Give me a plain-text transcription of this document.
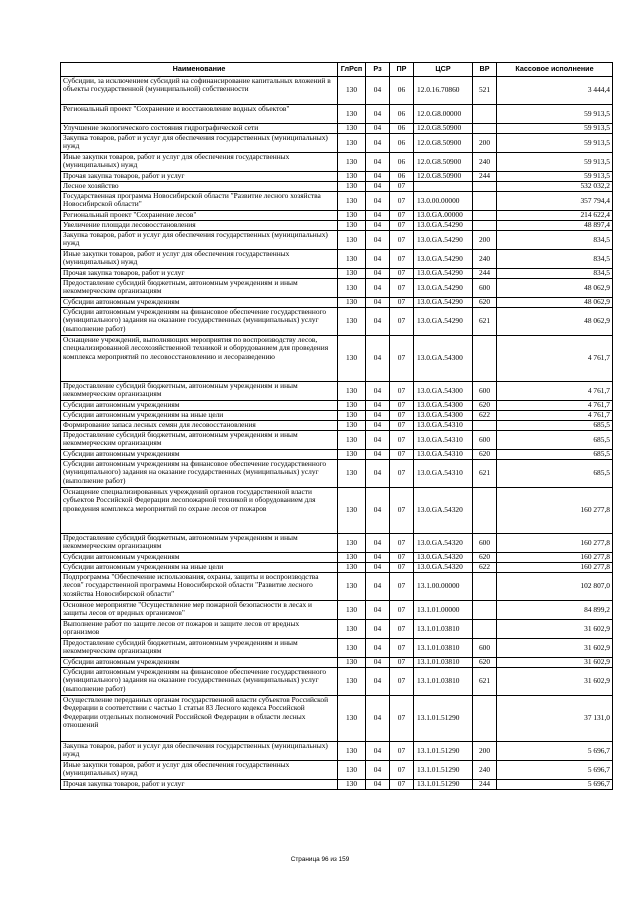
Наименование	ГлРсп	Рз	ПР	ЦСР	ВР	Кассовое исполнение
Субсидии, за исключением субсидий на софинансирование капитальных вложений в объекты государственной (муниципальной) собственности	130	04	06	12.0.16.70860	521	3 444,4
Региональный проект "Сохранение и восстановление водных объектов"	130	04	06	12.0.G8.00000		59 913,5
Улучшение экологического состояния гидрографической сети	130	04	06	12.0.G8.50900		59 913,5
Закупка товаров, работ и услуг для обеспечения государственных (муниципальных) нужд	130	04	06	12.0.G8.50900	200	59 913,5
Иные закупки товаров, работ и услуг для обеспечения государственных (муниципальных) нужд	130	04	06	12.0.G8.50900	240	59 913,5
Прочая закупка товаров, работ и услуг	130	04	06	12.0.G8.50900	244	59 913,5
Лесное хозяйство	130	04	07			532 032,2
Государственная программа Новосибирской области "Развитие лесного хозяйства Новосибирской области"	130	04	07	13.0.00.00000		357 794,4
Региональный проект "Сохранение лесов"	130	04	07	13.0.GA.00000		214 622,4
Увеличение площади лесовосстановления	130	04	07	13.0.GA.54290		48 897,4
Закупка товаров, работ и услуг для обеспечения государственных (муниципальных) нужд	130	04	07	13.0.GA.54290	200	834,5
Иные закупки товаров, работ и услуг для обеспечения государственных (муниципальных) нужд	130	04	07	13.0.GA.54290	240	834,5
Прочая закупка товаров, работ и услуг	130	04	07	13.0.GA.54290	244	834,5
Предоставление субсидий бюджетным, автономным учреждениям и иным некоммерческим организациям	130	04	07	13.0.GA.54290	600	48 062,9
Субсидии автономным учреждениям	130	04	07	13.0.GA.54290	620	48 062,9
Субсидии автономным учреждениям на финансовое обеспечение государственного (муниципального) задания на оказание государственных (муниципальных) услуг (выполнение работ)	130	04	07	13.0.GA.54290	621	48 062,9
Оснащение учреждений, выполняющих мероприятия по воспроизводству лесов, специализированной лесохозяйственной техникой и оборудованием для проведения комплекса мероприятий по лесовосстановлению и лесоразведению	130	04	07	13.0.GA.54300		4 761,7
Предоставление субсидий бюджетным, автономным учреждениям и иным некоммерческим организациям	130	04	07	13.0.GA.54300	600	4 761,7
Субсидии автономным учреждениям	130	04	07	13.0.GA.54300	620	4 761,7
Субсидии автономным учреждениям на иные цели	130	04	07	13.0.GA.54300	622	4 761,7
Формирование запаса лесных семян для лесовосстановления	130	04	07	13.0.GA.54310		685,5
Предоставление субсидий бюджетным, автономным учреждениям и иным некоммерческим организациям	130	04	07	13.0.GA.54310	600	685,5
Субсидии автономным учреждениям	130	04	07	13.0.GA.54310	620	685,5
Субсидии автономным учреждениям на финансовое обеспечение государственного (муниципального) задания на оказание государственных (муниципальных) услуг (выполнение работ)	130	04	07	13.0.GA.54310	621	685,5
Оснащение специализированных учреждений органов государственной власти субъектов Российской Федерации лесопожарной техникой и оборудованием для проведения комплекса мероприятий по охране лесов от пожаров	130	04	07	13.0.GA.54320		160 277,8
Предоставление субсидий бюджетным, автономным учреждениям и иным некоммерческим организациям	130	04	07	13.0.GA.54320	600	160 277,8
Субсидии автономным учреждениям	130	04	07	13.0.GA.54320	620	160 277,8
Субсидии автономным учреждениям на иные цели	130	04	07	13.0.GA.54320	622	160 277,8
Подпрограмма "Обеспечение использования, охраны, защиты и воспроизводства лесов" государственной программы Новосибирской области "Развитие лесного хозяйства Новосибирской области"	130	04	07	13.1.00.00000		102 807,0
Основное мероприятие "Осуществление мер пожарной безопасности в лесах и защиты лесов от вредных организмов"	130	04	07	13.1.01.00000		84 899,2
Выполнение работ по защите лесов от пожаров и защите лесов от вредных организмов	130	04	07	13.1.01.03810		31 602,9
Предоставление субсидий бюджетным, автономным учреждениям и иным некоммерческим организациям	130	04	07	13.1.01.03810	600	31 602,9
Субсидии автономным учреждениям	130	04	07	13.1.01.03810	620	31 602,9
Субсидии автономным учреждениям на финансовое обеспечение государственного (муниципального) задания на оказание государственных (муниципальных) услуг (выполнение работ)	130	04	07	13.1.01.03810	621	31 602,9
Осуществление переданных органам государственной власти субъектов Российской Федерации в соответствии с частью 1 статьи 83 Лесного кодекса Российской Федерации отдельных полномочий Российской Федерации в области лесных отношений	130	04	07	13.1.01.51290		37 131,0
Закупка товаров, работ и услуг для обеспечения государственных (муниципальных) нужд	130	04	07	13.1.01.51290	200	5 696,7
Иные закупки товаров, работ и услуг для обеспечения государственных (муниципальных) нужд	130	04	07	13.1.01.51290	240	5 696,7
Прочая закупка товаров, работ и услуг	130	04	07	13.1.01.51290	244	5 696,7
Страница 96 из 159
